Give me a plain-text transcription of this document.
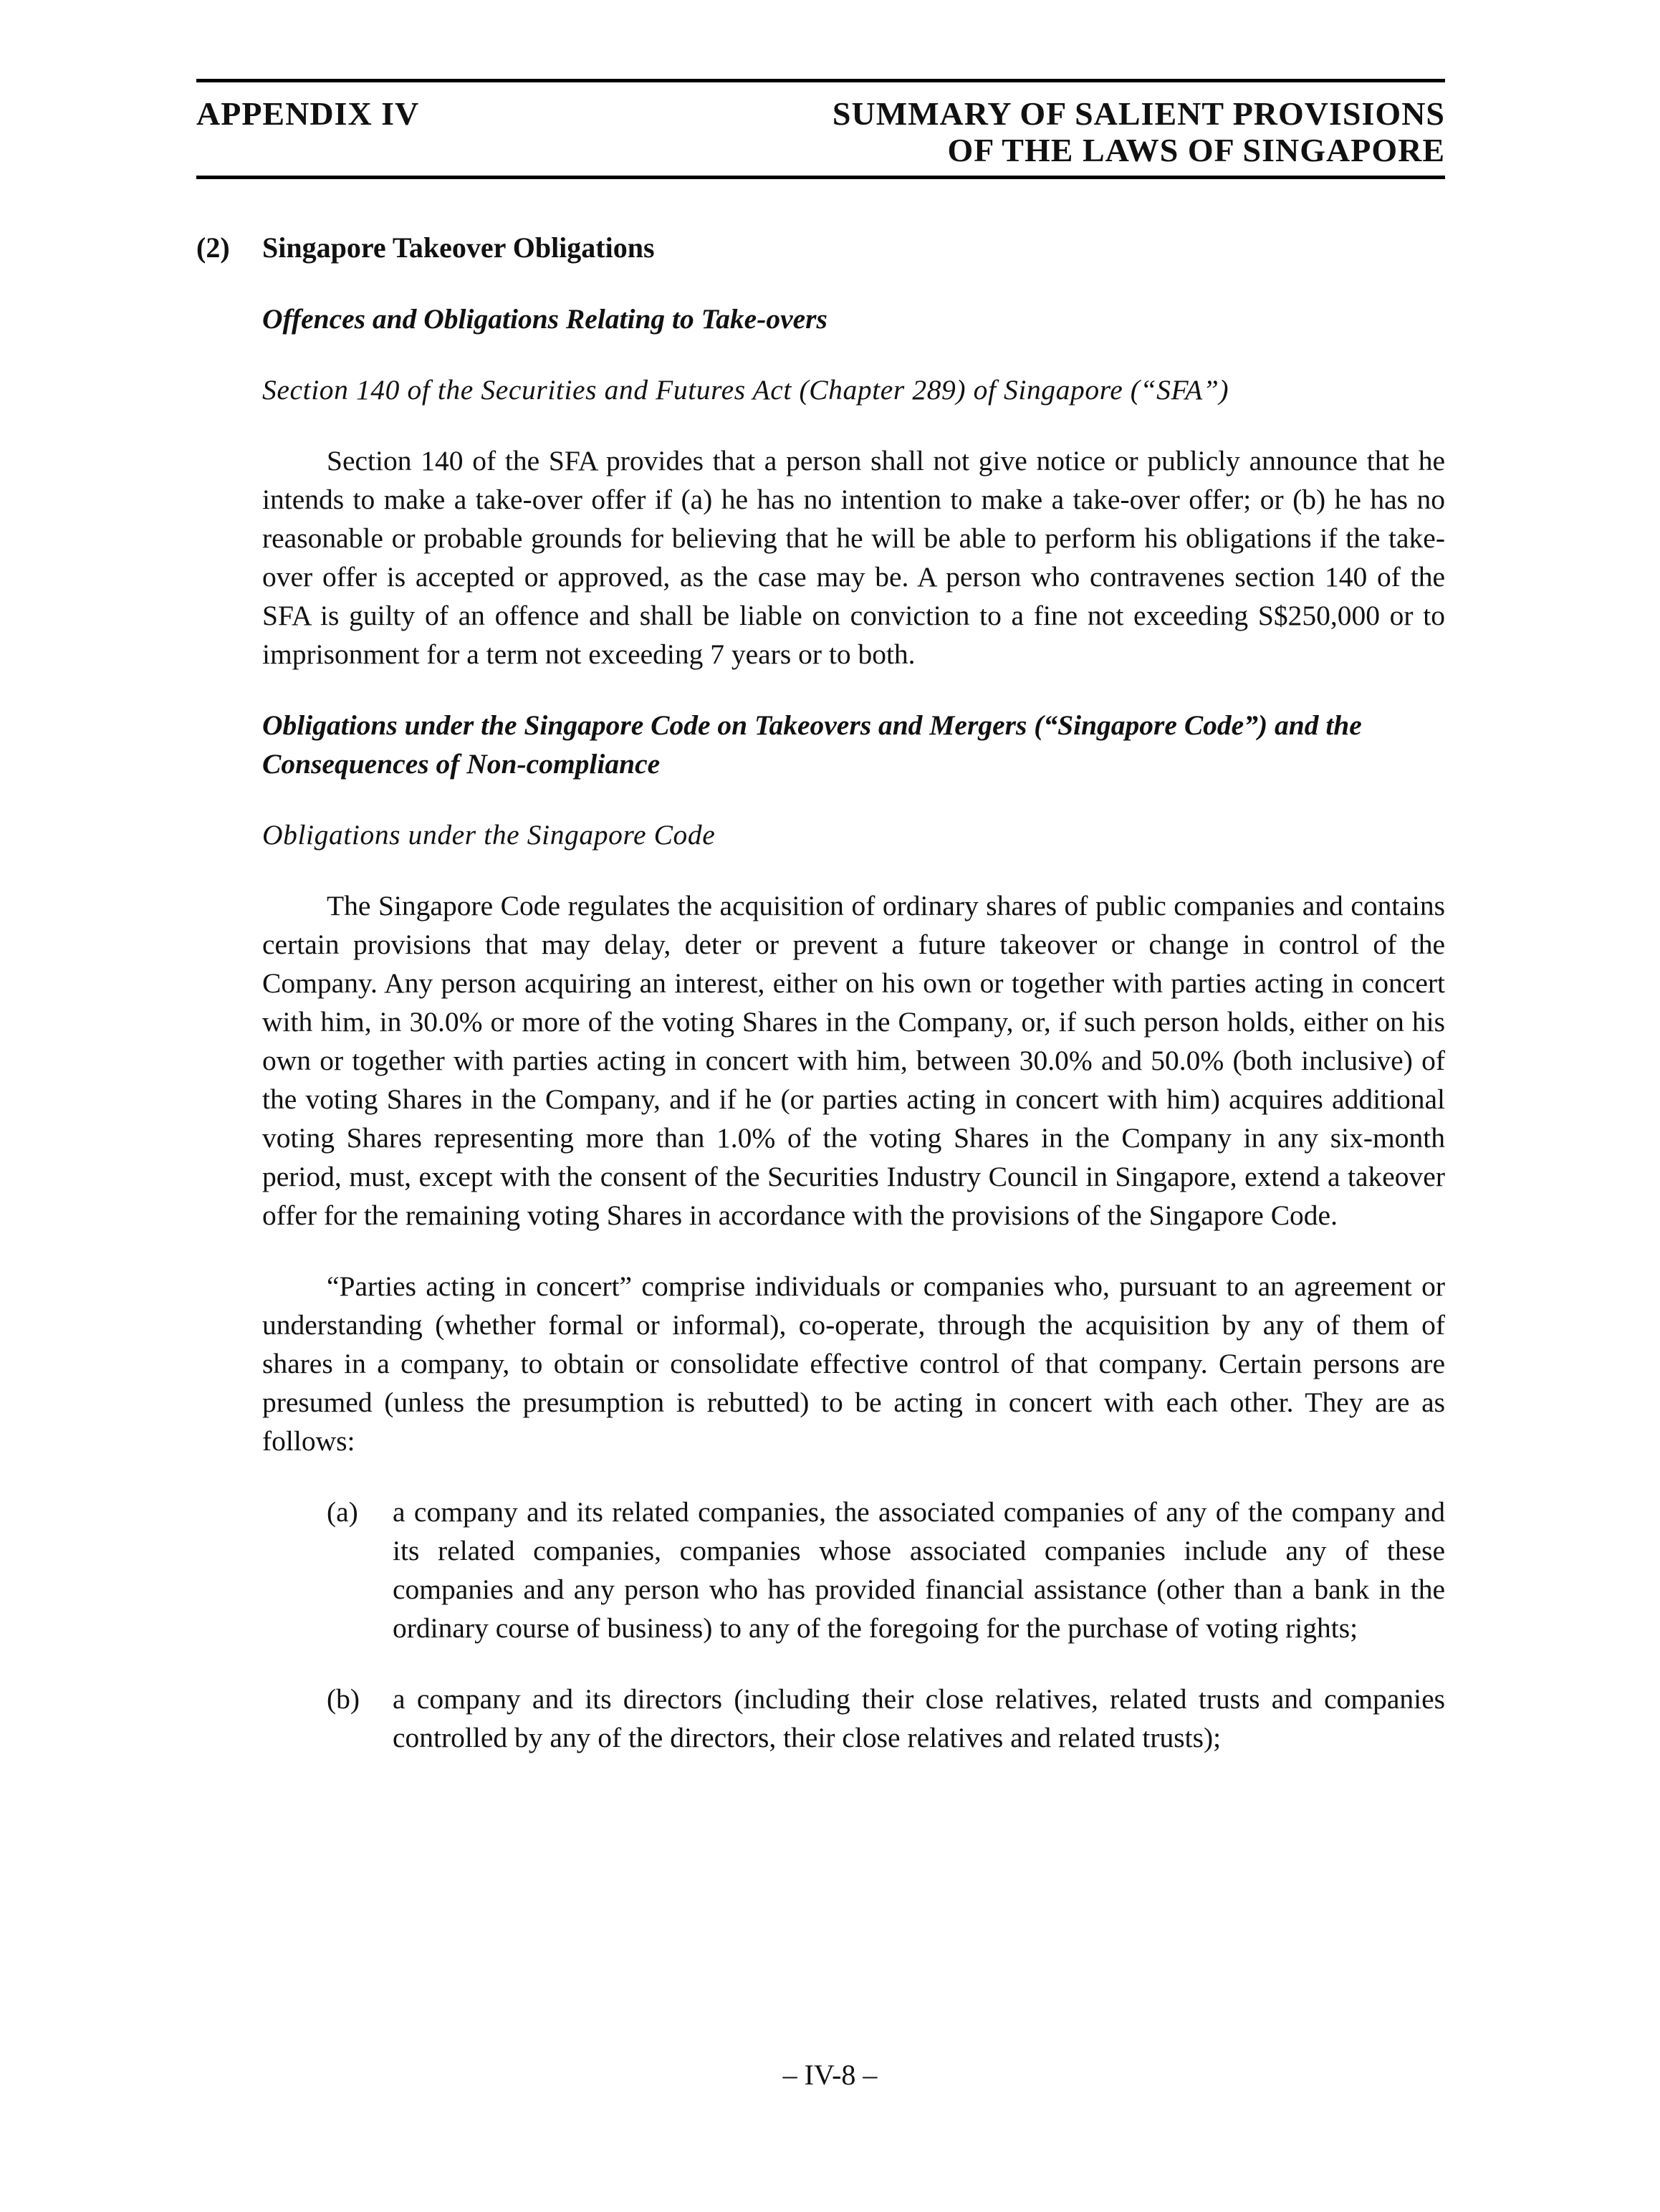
APPENDIX IV	SUMMARY OF SALIENT PROVISIONS
OF THE LAWS OF SINGAPORE
(2) Singapore Takeover Obligations
Offences and Obligations Relating to Take-overs
Section 140 of the Securities and Futures Act (Chapter 289) of Singapore (“SFA”)
Section 140 of the SFA provides that a person shall not give notice or publicly announce that he intends to make a take-over offer if (a) he has no intention to make a take-over offer; or (b) he has no reasonable or probable grounds for believing that he will be able to perform his obligations if the take-over offer is accepted or approved, as the case may be. A person who contravenes section 140 of the SFA is guilty of an offence and shall be liable on conviction to a fine not exceeding S$250,000 or to imprisonment for a term not exceeding 7 years or to both.
Obligations under the Singapore Code on Takeovers and Mergers (“Singapore Code”) and the Consequences of Non-compliance
Obligations under the Singapore Code
The Singapore Code regulates the acquisition of ordinary shares of public companies and contains certain provisions that may delay, deter or prevent a future takeover or change in control of the Company. Any person acquiring an interest, either on his own or together with parties acting in concert with him, in 30.0% or more of the voting Shares in the Company, or, if such person holds, either on his own or together with parties acting in concert with him, between 30.0% and 50.0% (both inclusive) of the voting Shares in the Company, and if he (or parties acting in concert with him) acquires additional voting Shares representing more than 1.0% of the voting Shares in the Company in any six-month period, must, except with the consent of the Securities Industry Council in Singapore, extend a takeover offer for the remaining voting Shares in accordance with the provisions of the Singapore Code.
“Parties acting in concert” comprise individuals or companies who, pursuant to an agreement or understanding (whether formal or informal), co-operate, through the acquisition by any of them of shares in a company, to obtain or consolidate effective control of that company. Certain persons are presumed (unless the presumption is rebutted) to be acting in concert with each other. They are as follows:
(a)	a company and its related companies, the associated companies of any of the company and its related companies, companies whose associated companies include any of these companies and any person who has provided financial assistance (other than a bank in the ordinary course of business) to any of the foregoing for the purchase of voting rights;
(b)	a company and its directors (including their close relatives, related trusts and companies controlled by any of the directors, their close relatives and related trusts);
– IV-8 –
